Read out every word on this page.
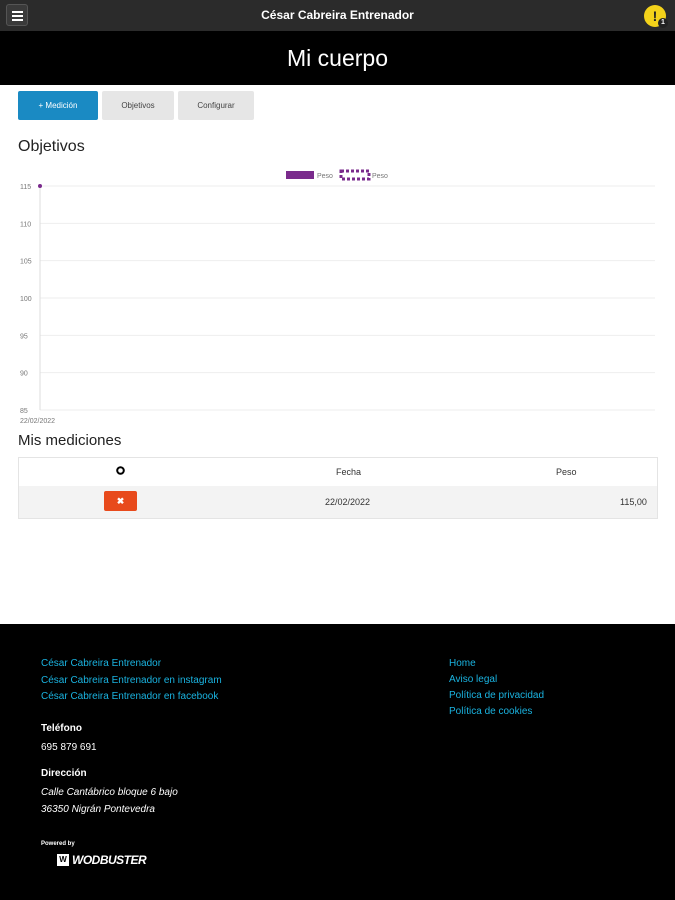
César Cabreira Entrenador	! 1
Mi cuerpo
+ Medición	Objetivos	Configurar
Objetivos
115
110
105
100
95
90
85
22/02/2022
Peso	Peso
Mis mediciones
Fecha	Peso
✖	22/02/2022	115,00
César Cabreira Entrenador
César Cabreira Entrenador en instagram
César Cabreira Entrenador en facebook
Home
Aviso legal
Política de privacidad
Política de cookies
Teléfono
695 879 691
Dirección
Calle Cantábrico bloque 6 bajo
36350 Nigrán Pontevedra
Powered by
W WODBUSTER
